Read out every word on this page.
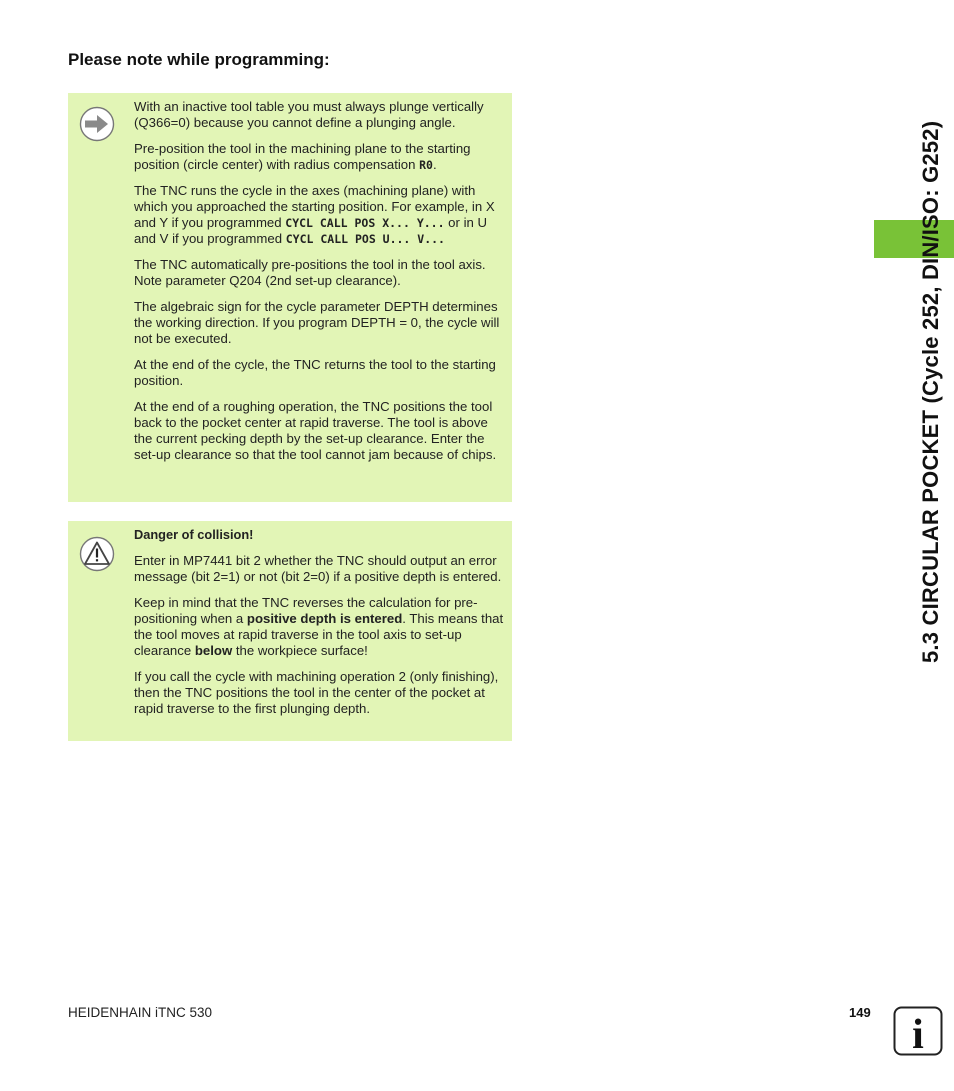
Please note while programming:

With an inactive tool table you must always plunge vertically (Q366=0) because you cannot define a plunging angle.

Pre-position the tool in the machining plane to the starting position (circle center) with radius compensation R0.

The TNC runs the cycle in the axes (machining plane) with which you approached the starting position. For example, in X and Y if you programmed CYCL CALL POS X... Y... or in U and V if you programmed CYCL CALL POS U... V...

The TNC automatically pre-positions the tool in the tool axis. Note parameter Q204 (2nd set-up clearance).

The algebraic sign for the cycle parameter DEPTH determines the working direction. If you program DEPTH = 0, the cycle will not be executed.

At the end of the cycle, the TNC returns the tool to the starting position.

At the end of a roughing operation, the TNC positions the tool back to the pocket center at rapid traverse. The tool is above the current pecking depth by the set-up clearance. Enter the set-up clearance so that the tool cannot jam because of chips.

Danger of collision!

Enter in MP7441 bit 2 whether the TNC should output an error message (bit 2=1) or not (bit 2=0) if a positive depth is entered.

Keep in mind that the TNC reverses the calculation for pre-positioning when a positive depth is entered. This means that the tool moves at rapid traverse in the tool axis to set-up clearance below the workpiece surface!

If you call the cycle with machining operation 2 (only finishing), then the TNC positions the tool in the center of the pocket at rapid traverse to the first plunging depth.

5.3 CIRCULAR POCKET (Cycle 252, DIN/ISO: G252)
HEIDENHAIN iTNC 530	149 i
